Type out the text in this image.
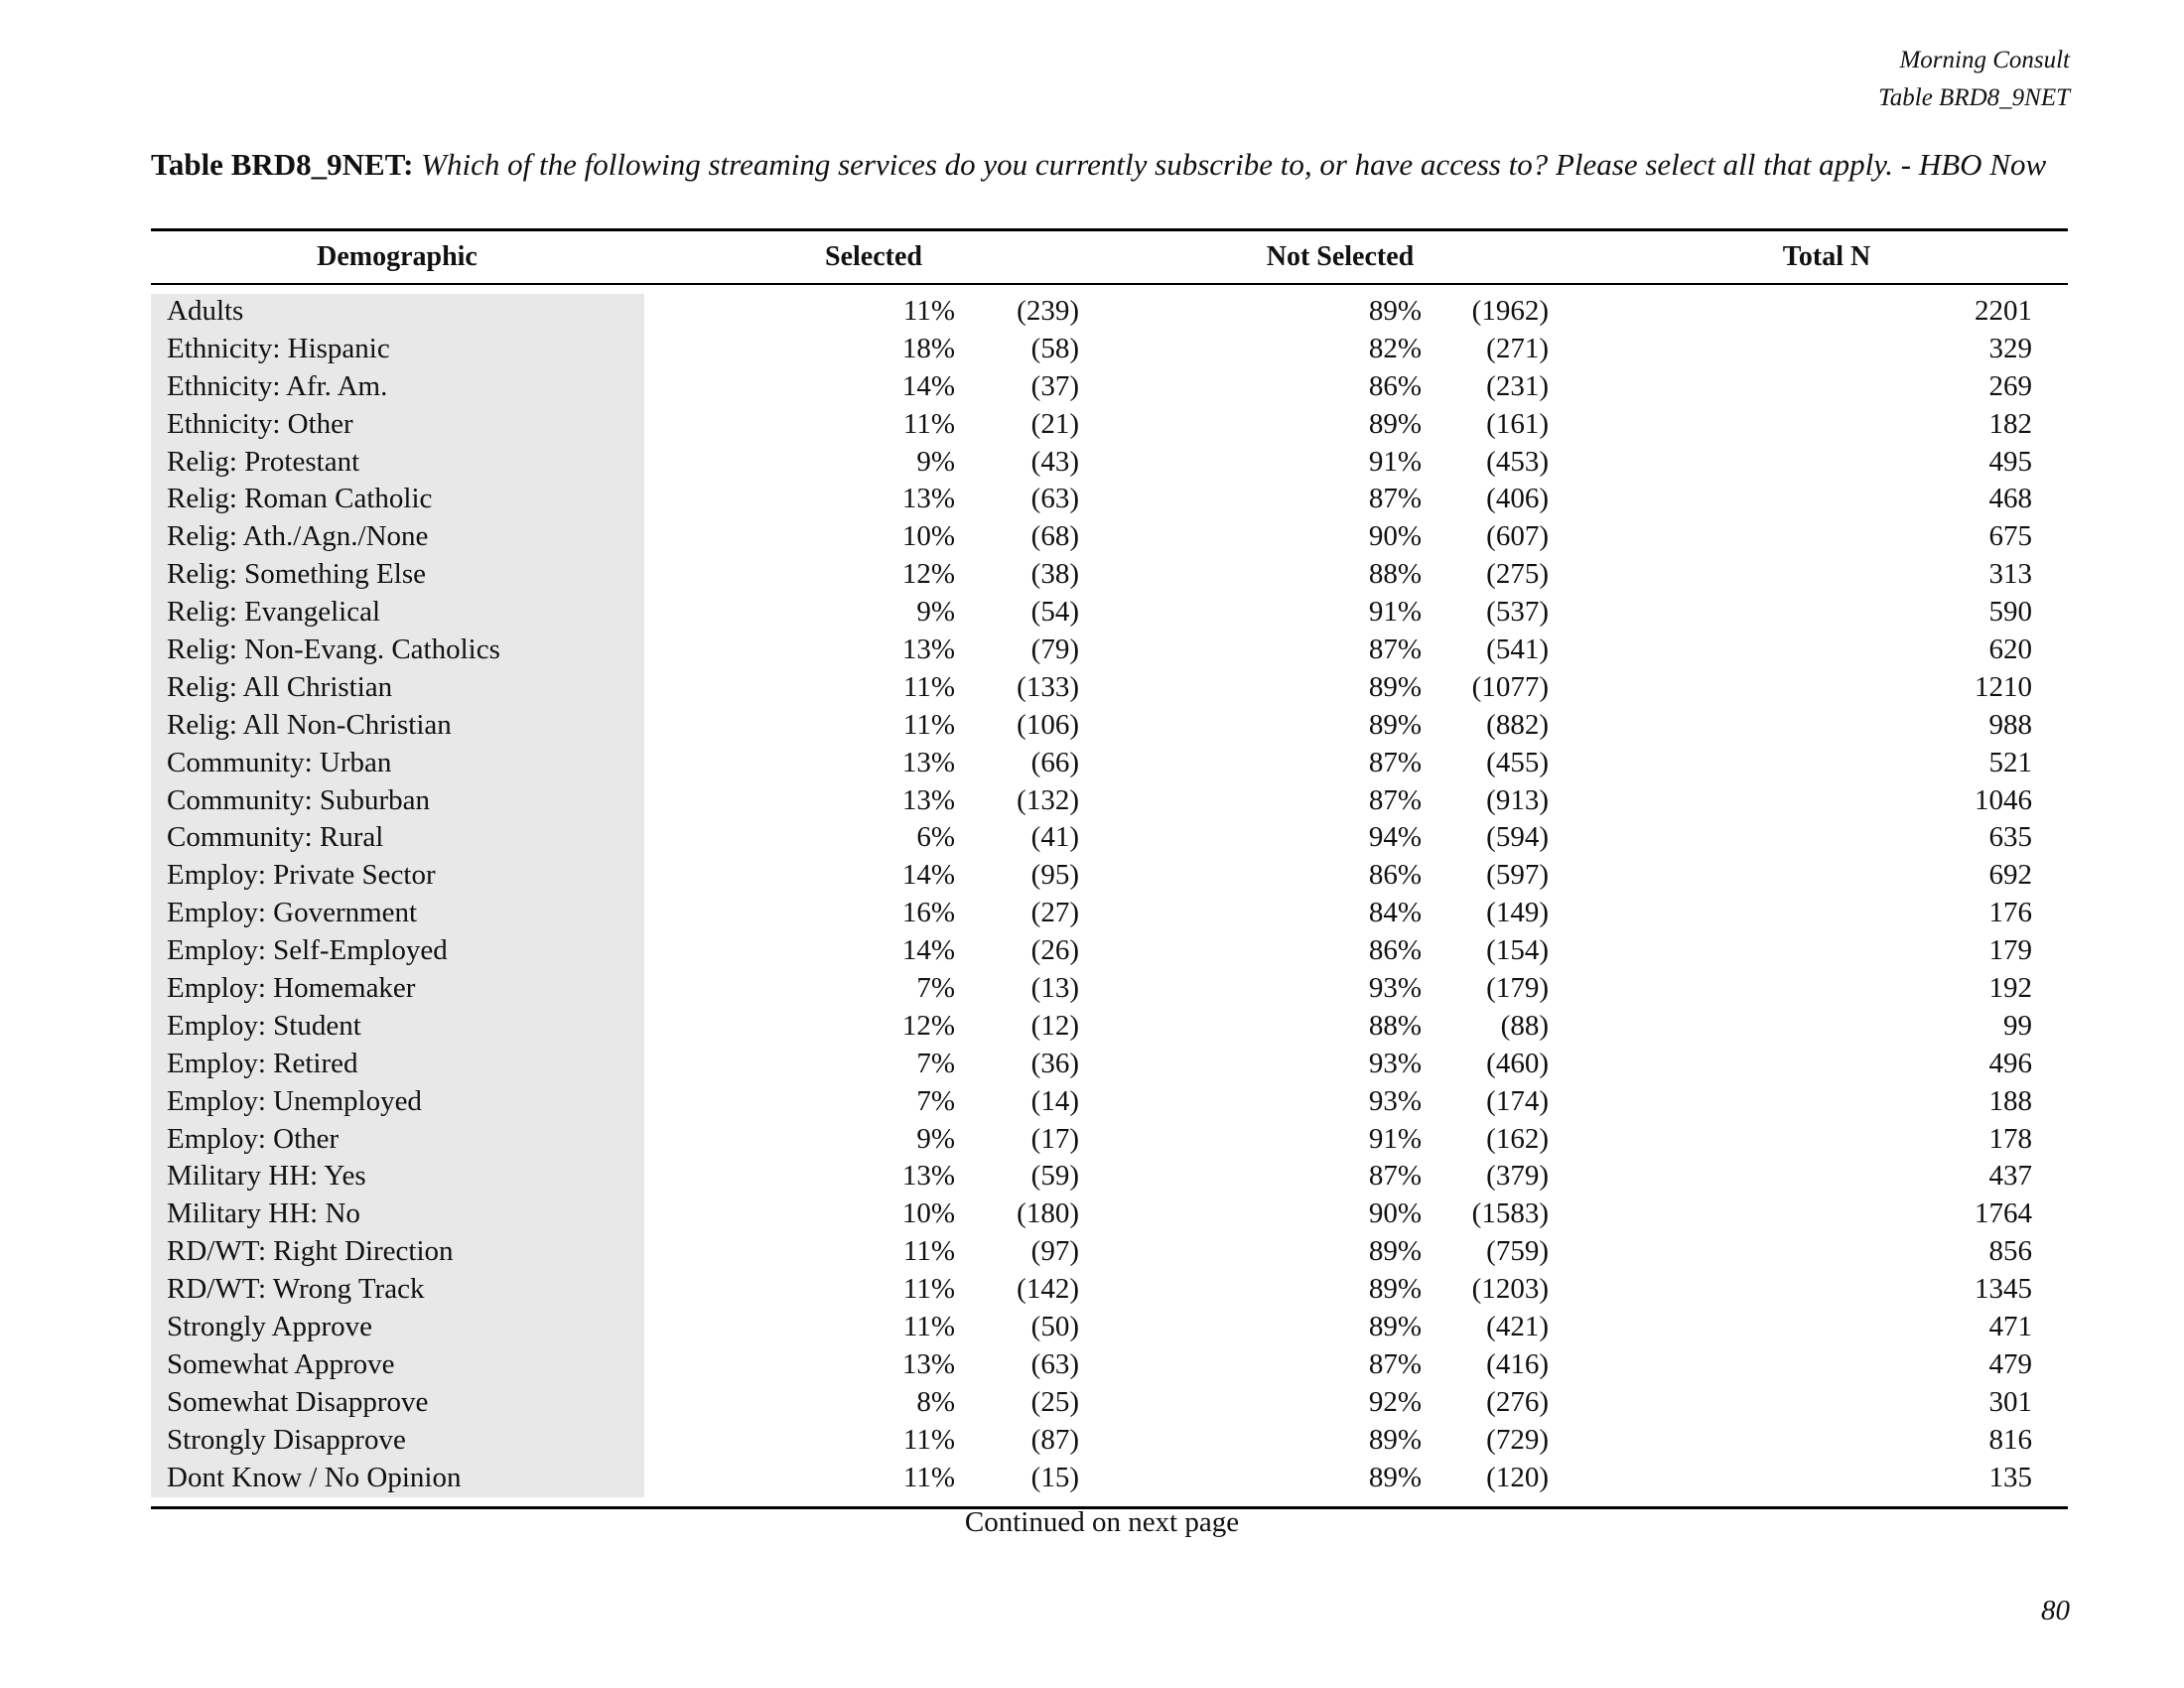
Morning Consult
Table BRD8_9NET
Table BRD8_9NET: Which of the following streaming services do you currently subscribe to, or have access to? Please select all that apply. - HBO Now
Demographic	Selected	Not Selected	Total N
Adults	11% (239)	89% (1962)	2201
Ethnicity: Hispanic	18%	(58)	82% (271)	329
Ethnicity: Afr. Am.	14%	(37)	86% (231)	269
Ethnicity: Other	11%	(21)	89% (161)	182
Relig: Protestant	9%	(43)	91% (453)	495
Relig: Roman Catholic	13%	(63)	87% (406)	468
Relig: Ath./Agn./None	10%	(68)	90% (607)	675
Relig: Something Else	12%	(38)	88% (275)	313
Relig: Evangelical	9%	(54)	91% (537)	590
Relig: Non-Evang. Catholics	13%	(79)	87% (541)	620
Relig: All Christian	11% (133)	89% (1077)	1210
Relig: All Non-Christian	11% (106)	89% (882)	988
Community: Urban	13%	(66)	87% (455)	521
Community: Suburban	13% (132)	87% (913)	1046
Community: Rural	6%	(41)	94% (594)	635
Employ: Private Sector	14%	(95)	86% (597)	692
Employ: Government	16%	(27)	84% (149)	176
Employ: Self-Employed	14%	(26)	86% (154)	179
Employ: Homemaker	7%	(13)	93% (179)	192
Employ: Student	12%	(12)	88%	(88)	99
Employ: Retired	7%	(36)	93% (460)	496
Employ: Unemployed	7%	(14)	93% (174)	188
Employ: Other	9%	(17)	91% (162)	178
Military HH: Yes	13%	(59)	87% (379)	437
Military HH: No	10% (180)	90% (1583)	1764
RD/WT: Right Direction	11%	(97)	89% (759)	856
RD/WT: Wrong Track	11% (142)	89% (1203)	1345
Strongly Approve	11%	(50)	89% (421)	471
Somewhat Approve	13%	(63)	87% (416)	479
Somewhat Disapprove	8%	(25)	92% (276)	301
Strongly Disapprove	11%	(87)	89% (729)	816
Dont Know / No Opinion	11%	(15)	89% (120)	135
Continued on next page
80
